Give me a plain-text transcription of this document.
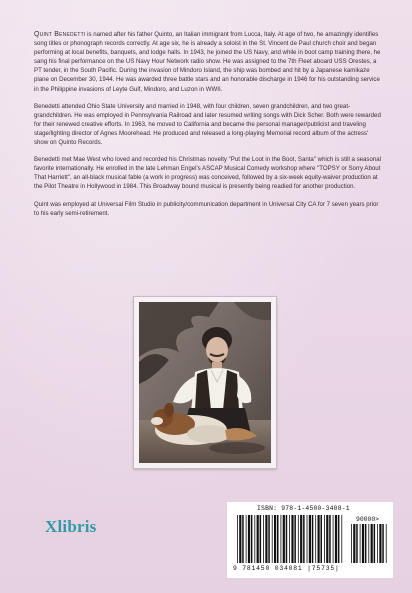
Quint Benedetti is named after his father Quinto, an Italian immigrant from Lucca, Italy. At age of two, he amazingly identifies song titles or phonograph records correctly. At age six, he is already a soloist in the St. Vincent de Paul church choir and began performing at local benefits, banquets, and lodge halls. In 1943, he joined the US Navy, and while in boot camp training there, he sang his final performance on the US Navy Hour Network radio show. He was assigned to the 7th Fleet aboard USS Orestes, a PT tender, in the South Pacific. During the invasion of Mindoro Island, the ship was bombed and hit by a Japanese kamikaze plane on December 30, 1944. He was awarded three battle stars and an honorable discharge in 1946 for his outstanding service in the Philippine invasions of Leyte Gulf, Mindoro, and Luzon in WWII.

Benedetti attended Ohio State University and married in 1948, with four children, seven grandchildren, and two great-grandchildren. He was employed in Pennsylvania Railroad and later resumed writing songs with Dick Scher. Both were rewarded for their renewed creative efforts. In 1963, he moved to California and became the personal manager/publicist and traveling stage/lighting director of Agnes Moorehead. He produced and released a long-playing Memorial record album of the actress' show on Quinto Records.

Benedetti met Mae West who loved and recorded his Christmas novelty "Put the Loot in the Boot, Santa" which is still a seasonal favorite internationally. He enrolled in the late Lehman Engel's ASCAP Musical Comedy workshop where "TOPSY or Sorry About That Harriett", an all-black musical fable (a work in progress) was conceived, followed by a six-week equity-waiver production at the Pilot Theatre in Hollywood in 1984. This Broadway bound musical is presently being readied for another production.

Quint was employed at Universal Film Studio in publicity/communication department in Universal City CA for 7 seven years prior to his early semi-retirement.

Xlibris
ISBN: 978-1-4500-3408-1
90000>
9 781450 034081 |75735|
